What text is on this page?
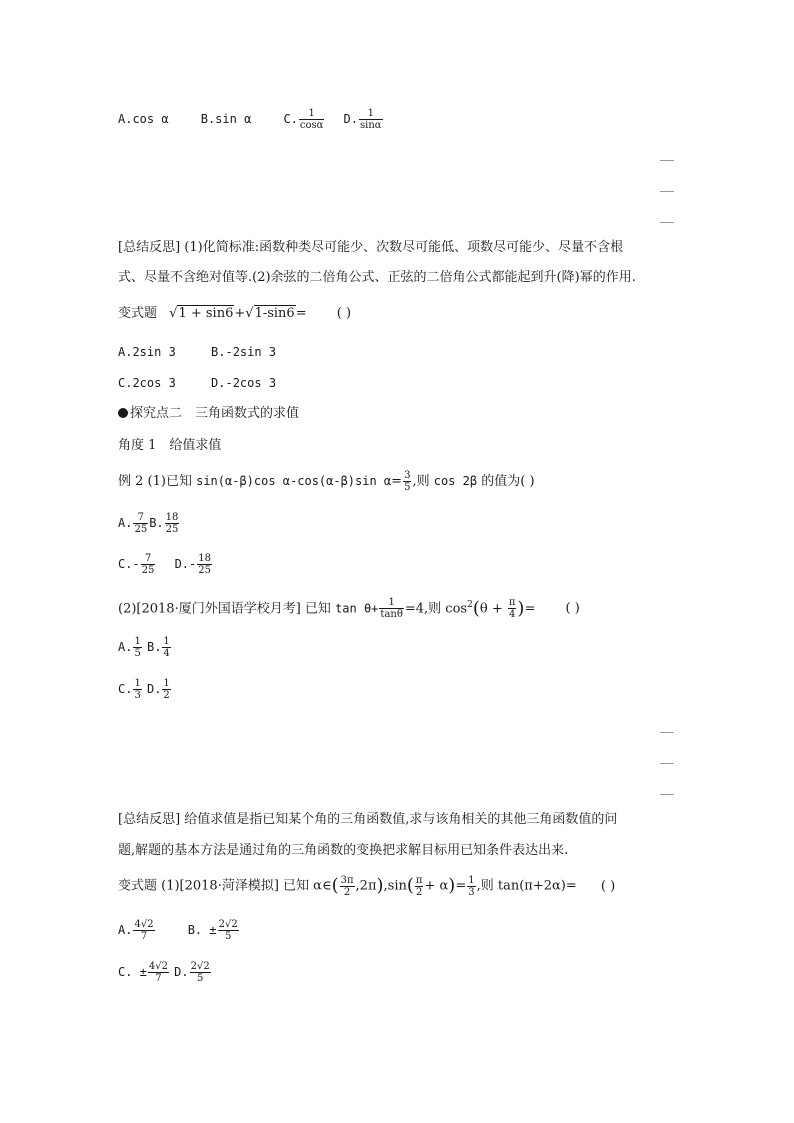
A.cos α	B.sin α	C. $\frac{1}{\cos\alpha} D$. $\frac{1}{\sin\alpha}$
[总结反思] (1)化简标准:函数种类尽可能少、次数尽可能低、项数尽可能少、尽量不含根
式、尽量不含绝对值等.(2)余弦的二倍角公式、正弦的二倍角公式都能起到升(降)幂的作用.
变式题 √1 + sin6+√1-sin6= ( )
A.2sin 3	B.-2sin 3
C.2cos 3	D.-2cos 3
探究点二　三角函数式的求值
角度 1　给值求值
例 2 (1)已知 sin(α-β)cos α-cos(α-β)sin $\alpha= \frac{3}{5}$ ,则 cos 2β 的值为( )
A. $\frac{7}{25} B$. $\frac{18}{25}$
$C.- \frac{7}{25} D.- \frac{18}{25}$
(2)[2018·厦门外国语学校月考] 已知 $\tan \theta+ \frac{1}{\tan\theta} =4$,则 $\cos^2(\theta + \frac{\pi}{4}$ )= ( )
A. $\frac{1}{5} B$. $\frac{1}{4}$
C. $\frac{1}{3} D$. $\frac{1}{2}$
[总结反思] 给值求值是指已知某个角的三角函数值,求与该角相关的其他三角函数值的问
题,解题的基本方法是通过角的三角函数的变换把求解目标用已知条件表达出来.
变式题 (1)[2018·菏泽模拟] 已知 α∈( $\frac{3\pi}{2} ,2\pi),\sin( \frac{\pi}{2} + \alpha)= \frac{1}{3}$ ,则 tan(π+2α)= ( )
A. $\frac{4√2}{7}$	B. ± $\frac{2√2}{5}$
C. ± $\frac{4√2}{7} D$. $\frac{2√2}{5}$
